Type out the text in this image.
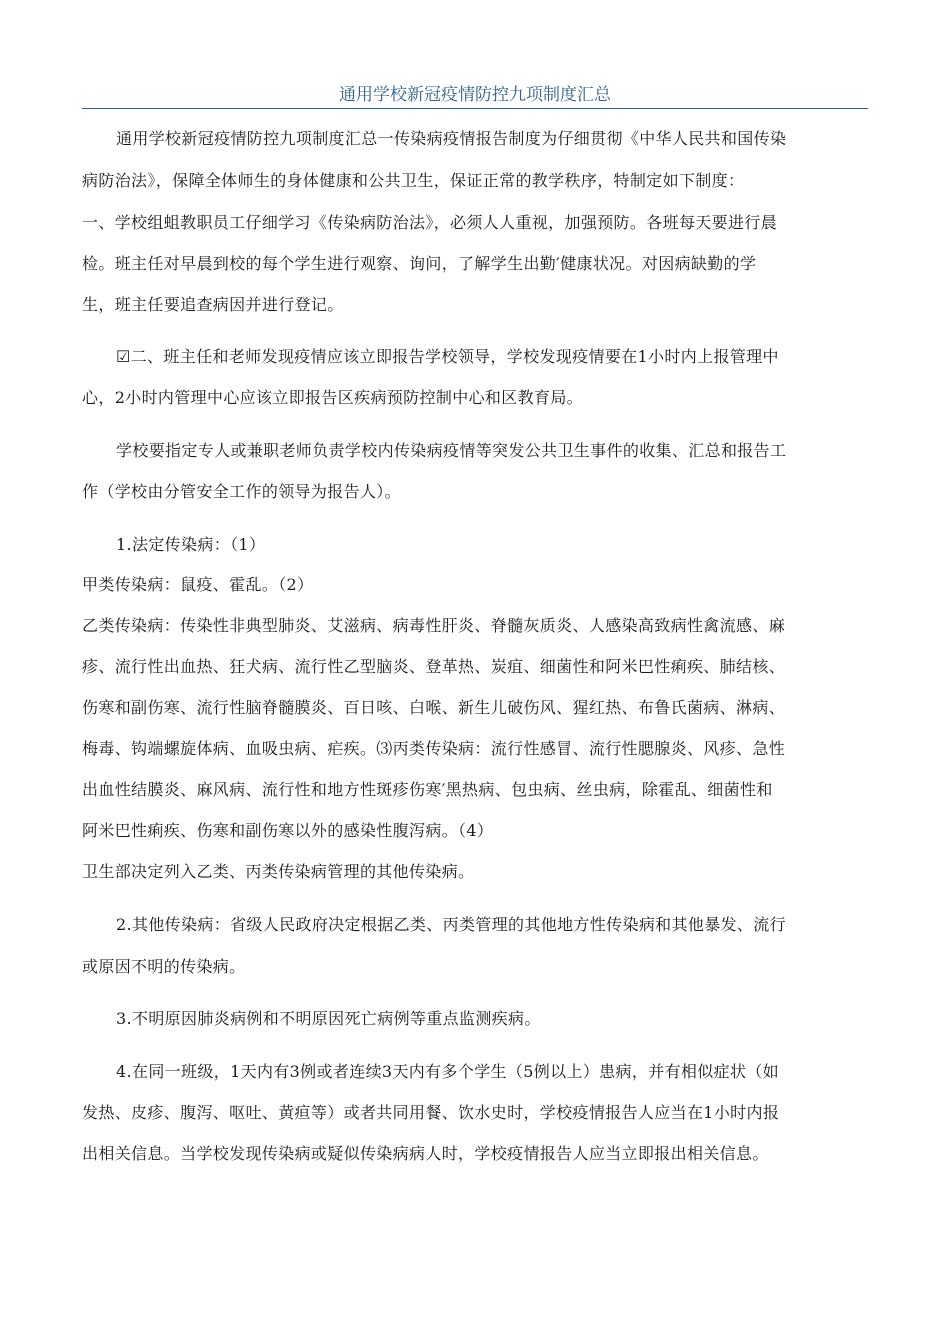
通用学校新冠疫情防控九项制度汇总
通用学校新冠疫情防控九项制度汇总一传染病疫情报告制度为仔细贯彻《中华人民共和国传染
病防治法》，保障全体师生的身体健康和公共卫生，保证正常的教学秩序，特制定如下制度：
一、学校组蛆教职员工仔细学习《传染病防治法》，必须人人重视，加强预防。各班每天要进行晨
检。班主任对早晨到校的每个学生进行观察、询问，了解学生出勤′健康状况。对因病缺勤的学
生，班主任要追查病因并进行登记。
☑二、班主任和老师发现疫情应该立即报告学校领导，学校发现疫情要在1小时内上报管理中
心，2小时内管理中心应该立即报告区疾病预防控制中心和区教育局。
学校要指定专人或兼职老师负责学校内传染病疫情等突发公共卫生事件的收集、汇总和报告工
作（学校由分管安全工作的领导为报告人）。
1.法定传染病：（1）
甲类传染病：鼠疫、霍乱。（2）
乙类传染病：传染性非典型肺炎、艾滋病、病毒性肝炎、脊髓灰质炎、人感染高致病性禽流感、麻
疹、流行性出血热、狂犬病、流行性乙型脑炎、登革热、炭疽、细菌性和阿米巴性痢疾、肺结核、
伤寒和副伤寒、流行性脑脊髓膜炎、百日咳、白喉、新生儿破伤风、猩红热、布鲁氏菌病、淋病、
梅毒、钩端螺旋体病、血吸虫病、疟疾。⑶丙类传染病：流行性感冒、流行性腮腺炎、风疹、急性
出血性结膜炎、麻风病、流行性和地方性斑疹伤寒′黑热病、包虫病、丝虫病，除霍乱、细菌性和
阿米巴性痢疾、伤寒和副伤寒以外的感染性腹泻病。（4）
卫生部决定列入乙类、丙类传染病管理的其他传染病。
2.其他传染病：省级人民政府决定根据乙类、丙类管理的其他地方性传染病和其他暴发、流行
或原因不明的传染病。
3.不明原因肺炎病例和不明原因死亡病例等重点监测疾病。
4.在同一班级，1天内有3例或者连续3天内有多个学生（5例以上）患病，并有相似症状（如
发热、皮疹、腹泻、呕吐、黄疸等）或者共同用餐、饮水史时，学校疫情报告人应当在1小时内报
出相关信息。当学校发现传染病或疑似传染病病人时，学校疫情报告人应当立即报出相关信息。
